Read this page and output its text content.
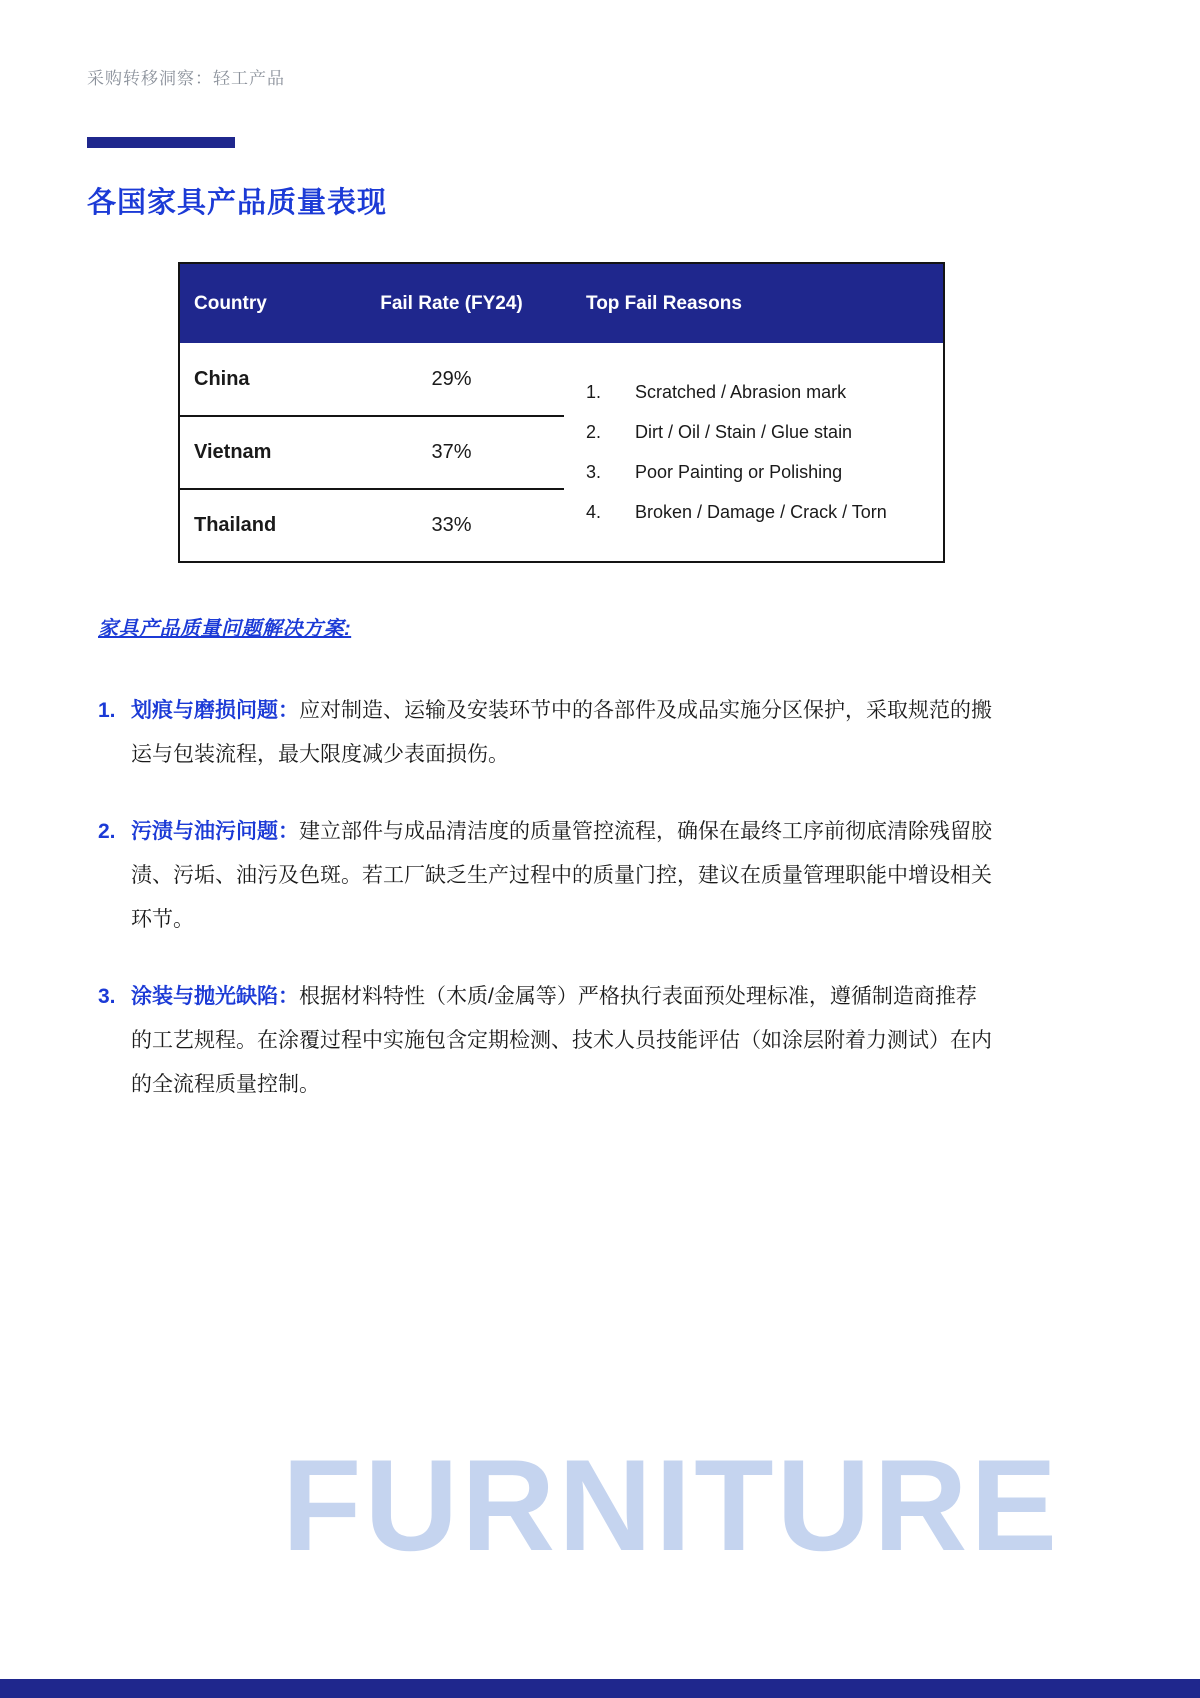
采购转移洞察：轻工产品
各国家具产品质量表现
Country	Fail Rate (FY24)	Top Fail Reasons
China	29%	
1.	Scratched / Abrasion mark
2.	Dirt / Oil / Stain / Glue stain
3.	Poor Painting or Polishing
4.	Broken / Damage / Crack / Torn

Vietnam	37%	
Thailand	33%	
家具产品质量问题解决方案:
1. 划痕与磨损问题：应对制造、运输及安装环节中的各部件及成品实施分区保护，采取规范的搬运与包装流程，最大限度减少表面损伤。
2. 污渍与油污问题：建立部件与成品清洁度的质量管控流程，确保在最终工序前彻底清除残留胶渍、污垢、油污及色斑。若工厂缺乏生产过程中的质量门控，建议在质量管理职能中增设相关环节。
3. 涂装与抛光缺陷：根据材料特性（木质/金属等）严格执行表面预处理标准，遵循制造商推荐的工艺规程。在涂覆过程中实施包含定期检测、技术人员技能评估（如涂层附着力测试）在内的全流程质量控制。
FURNITURE
